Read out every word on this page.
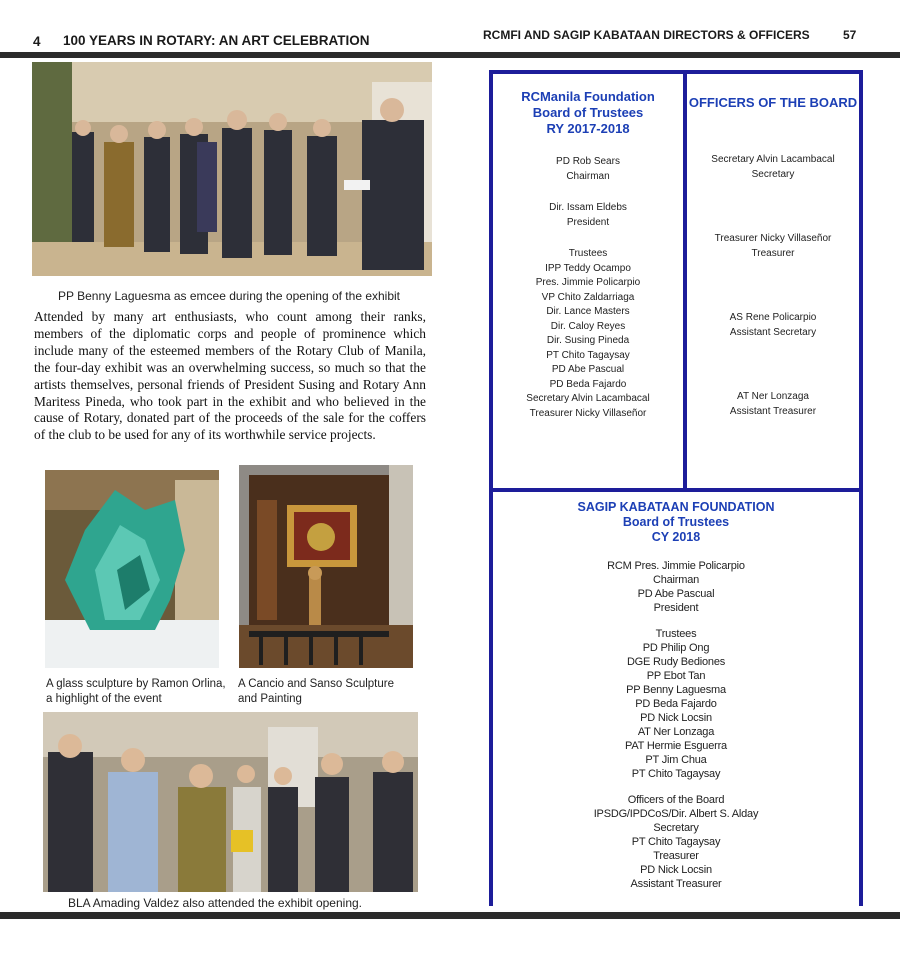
4 100 YEARS IN ROTARY: AN ART CELEBRATION	RCMFI AND SAGIP KABATAAN DIRECTORS & OFFICERS	57
PP Benny Laguesma as emcee during the opening of the exhibit
Attended by many art enthusiasts, who count among their ranks, members of the diplomatic corps and people of prominence which include many of the esteemed members of the Rotary Club of Manila, the four-day exhibit was an overwhelming success, so much so that the artists themselves, personal friends of President Susing and Rotary Ann Maritess Pineda, who took part in the exhibit and who believed in the cause of Rotary, donated part of the proceeds of the sale for the coffers of the club to be used for any of its worthwhile service projects.
A glass sculpture by Ramon Orlina, a highlight of the event
A Cancio and Sanso Sculpture and Painting
BLA Amading Valdez also attended the exhibit opening.
RCManila Foundation
Board of Trustees
RY 2017-2018
PD Rob Sears
Chairman
Dir. Issam Eldebs
President
Trustees
IPP Teddy Ocampo
Pres. Jimmie Policarpio
VP Chito Zaldarriaga
Dir. Lance Masters
Dir. Caloy Reyes
Dir. Susing Pineda
PT Chito Tagaysay
PD Abe Pascual
PD Beda Fajardo
Secretary Alvin Lacambacal
Treasurer Nicky Villaseñor
OFFICERS OF THE BOARD
Secretary Alvin Lacambacal
Secretary
Treasurer Nicky Villaseñor
Treasurer
AS Rene Policarpio
Assistant Secretary
AT Ner Lonzaga
Assistant Treasurer
SAGIP KABATAAN FOUNDATION
Board of Trustees
CY 2018
RCM Pres. Jimmie Policarpio
Chairman
PD Abe Pascual
President
Trustees
PD Philip Ong
DGE Rudy Bediones
PP Ebot Tan
PP Benny Laguesma
PD Beda Fajardo
PD Nick Locsin
AT Ner Lonzaga
PAT Hermie Esguerra
PT Jim Chua
PT Chito Tagaysay
Officers of the Board
IPSDG/IPDCoS/Dir. Albert S. Alday
Secretary
PT Chito Tagaysay
Treasurer
PD Nick Locsin
Assistant Treasurer
